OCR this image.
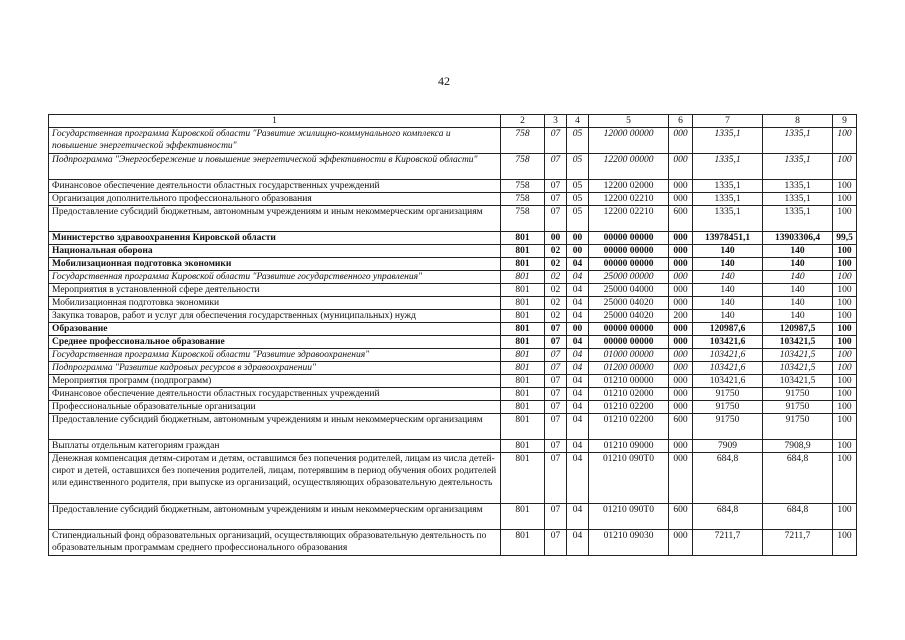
42
1	2	3	4	5	6	7	8	9
Государственная программа Кировской области "Развитие жилищно-коммунального комплекса и повышение энергетической эффективности"	758	07	05	12000 00000	000	1335,1	1335,1	100
Подпрограмма "Энергосбережение и повышение энергетической эффективности в Кировской области"	758	07	05	12200 00000	000	1335,1	1335,1	100
Финансовое обеспечение деятельности областных государственных учреждений	758	07	05	12200 02000	000	1335,1	1335,1	100
Организация дополнительного профессионального образования	758	07	05	12200 02210	000	1335,1	1335,1	100
Предоставление субсидий бюджетным, автономным учреждениям и иным некоммерческим организациям	758	07	05	12200 02210	600	1335,1	1335,1	100
Министерство здравоохранения Кировской области	801	00	00	00000 00000	000	13978451,1	13903306,4	99,5
Национальная оборона	801	02	00	00000 00000	000	140	140	100
Мобилизационная подготовка экономики	801	02	04	00000 00000	000	140	140	100
Государственная программа Кировской области "Развитие государственного управления"	801	02	04	25000 00000	000	140	140	100
Мероприятия в установленной сфере деятельности	801	02	04	25000 04000	000	140	140	100
Мобилизационная подготовка экономики	801	02	04	25000 04020	000	140	140	100
Закупка товаров, работ и услуг для обеспечения государственных (муниципальных) нужд	801	02	04	25000 04020	200	140	140	100
Образование	801	07	00	00000 00000	000	120987,6	120987,5	100
Среднее профессиональное образование	801	07	04	00000 00000	000	103421,6	103421,5	100
Государственная программа Кировской области "Развитие здравоохранения"	801	07	04	01000 00000	000	103421,6	103421,5	100
Подпрограмма "Развитие кадровых ресурсов в здравоохранении"	801	07	04	01200 00000	000	103421,6	103421,5	100
Мероприятия программ (подпрограмм)	801	07	04	01210 00000	000	103421,6	103421,5	100
Финансовое обеспечение деятельности областных государственных учреждений	801	07	04	01210 02000	000	91750	91750	100
Профессиональные образовательные организации	801	07	04	01210 02200	000	91750	91750	100
Предоставление субсидий бюджетным, автономным учреждениям и иным некоммерческим организациям	801	07	04	01210 02200	600	91750	91750	100
Выплаты отдельным категориям граждан	801	07	04	01210 09000	000	7909	7908,9	100
Денежная компенсация детям-сиротам и детям, оставшимся без попечения родителей, лицам из числа детей-сирот и детей, оставшихся без попечения родителей, лицам, потерявшим в период обучения обоих родителей или единственного родителя, при выпуске из организаций, осуществляющих образовательную деятельность	801	07	04	01210 090Т0	000	684,8	684,8	100
Предоставление субсидий бюджетным, автономным учреждениям и иным некоммерческим организациям	801	07	04	01210 090Т0	600	684,8	684,8	100
Стипендиальный фонд образовательных организаций, осуществляющих образовательную деятельность по образовательным программам среднего профессионального образования	801	07	04	01210 09030	000	7211,7	7211,7	100
